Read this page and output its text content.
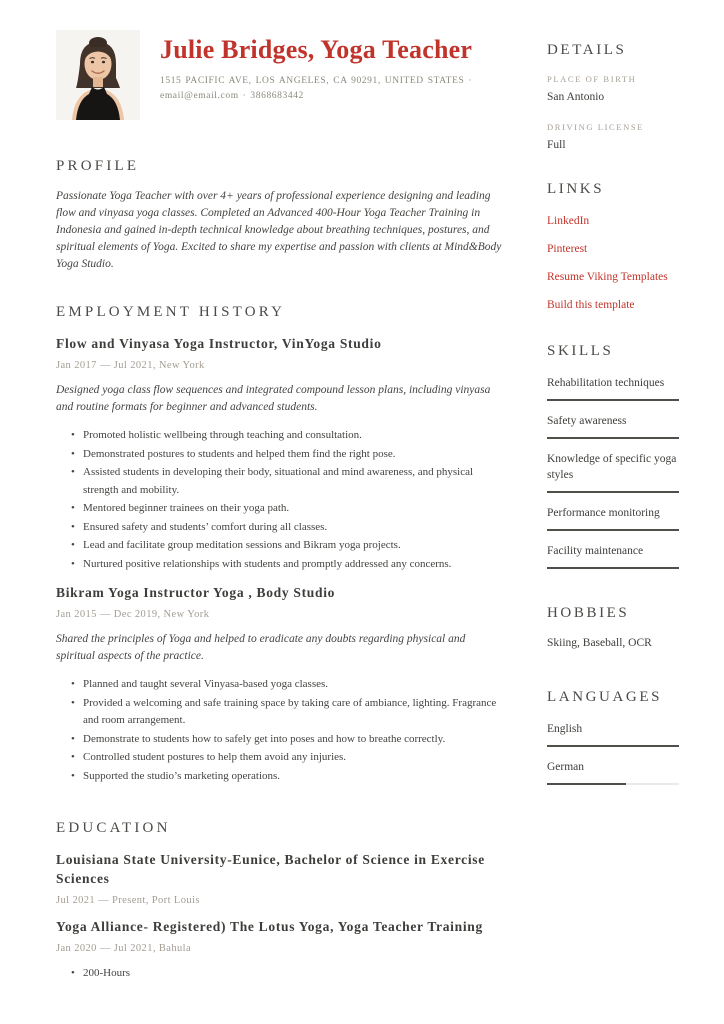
Julie Bridges, Yoga Teacher
1515 PACIFIC AVE, LOS ANGELES, CA 90291, UNITED STATES ·
email@email.com · 3868683442
PROFILE
Passionate Yoga Teacher with over 4+ years of professional experience designing and leading flow and vinyasa yoga classes. Completed an Advanced 400-Hour Yoga Teacher Training in Indonesia and gained in-depth technical knowledge about breathing techniques, postures, and spiritual elements of Yoga. Excited to share my expertise and passion with clients at Mind&Body Yoga Studio.
EMPLOYMENT HISTORY
Flow and Vinyasa Yoga Instructor, VinYoga Studio
Jan 2017 — Jul 2021, New York
Designed yoga class flow sequences and integrated compound lesson plans, including vinyasa and routine formats for beginner and advanced students.
• Promoted holistic wellbeing through teaching and consultation.
• Demonstrated postures to students and helped them find the right pose.
• Assisted students in developing their body, situational and mind awareness, and physical strength and mobility.
• Mentored beginner trainees on their yoga path.
• Ensured safety and students’ comfort during all classes.
• Lead and facilitate group meditation sessions and Bikram yoga projects.
• Nurtured positive relationships with students and promptly addressed any concerns.
Bikram Yoga Instructor Yoga , Body Studio
Jan 2015 — Dec 2019, New York
Shared the principles of Yoga and helped to eradicate any doubts regarding physical and spiritual aspects of the practice.
• Planned and taught several Vinyasa-based yoga classes.
• Provided a welcoming and safe training space by taking care of ambiance, lighting. Fragrance and room arrangement.
• Demonstrate to students how to safely get into poses and how to breathe correctly.
• Controlled student postures to help them avoid any injuries.
• Supported the studio’s marketing operations.
EDUCATION
Louisiana State University-Eunice, Bachelor of Science in Exercise Sciences
Jul 2021 — Present, Port Louis
Yoga Alliance- Registered) The Lotus Yoga, Yoga Teacher Training
Jan 2020 — Jul 2021, Bahula
• 200-Hours
DETAILS
PLACE OF BIRTH
San Antonio
DRIVING LICENSE
Full
LINKS
LinkedIn
Pinterest
Resume Viking Templates
Build this template
SKILLS
Rehabilitation techniques
Safety awareness
Knowledge of specific yoga styles
Performance monitoring
Facility maintenance
HOBBIES
Skiing, Baseball, OCR
LANGUAGES
English
German
